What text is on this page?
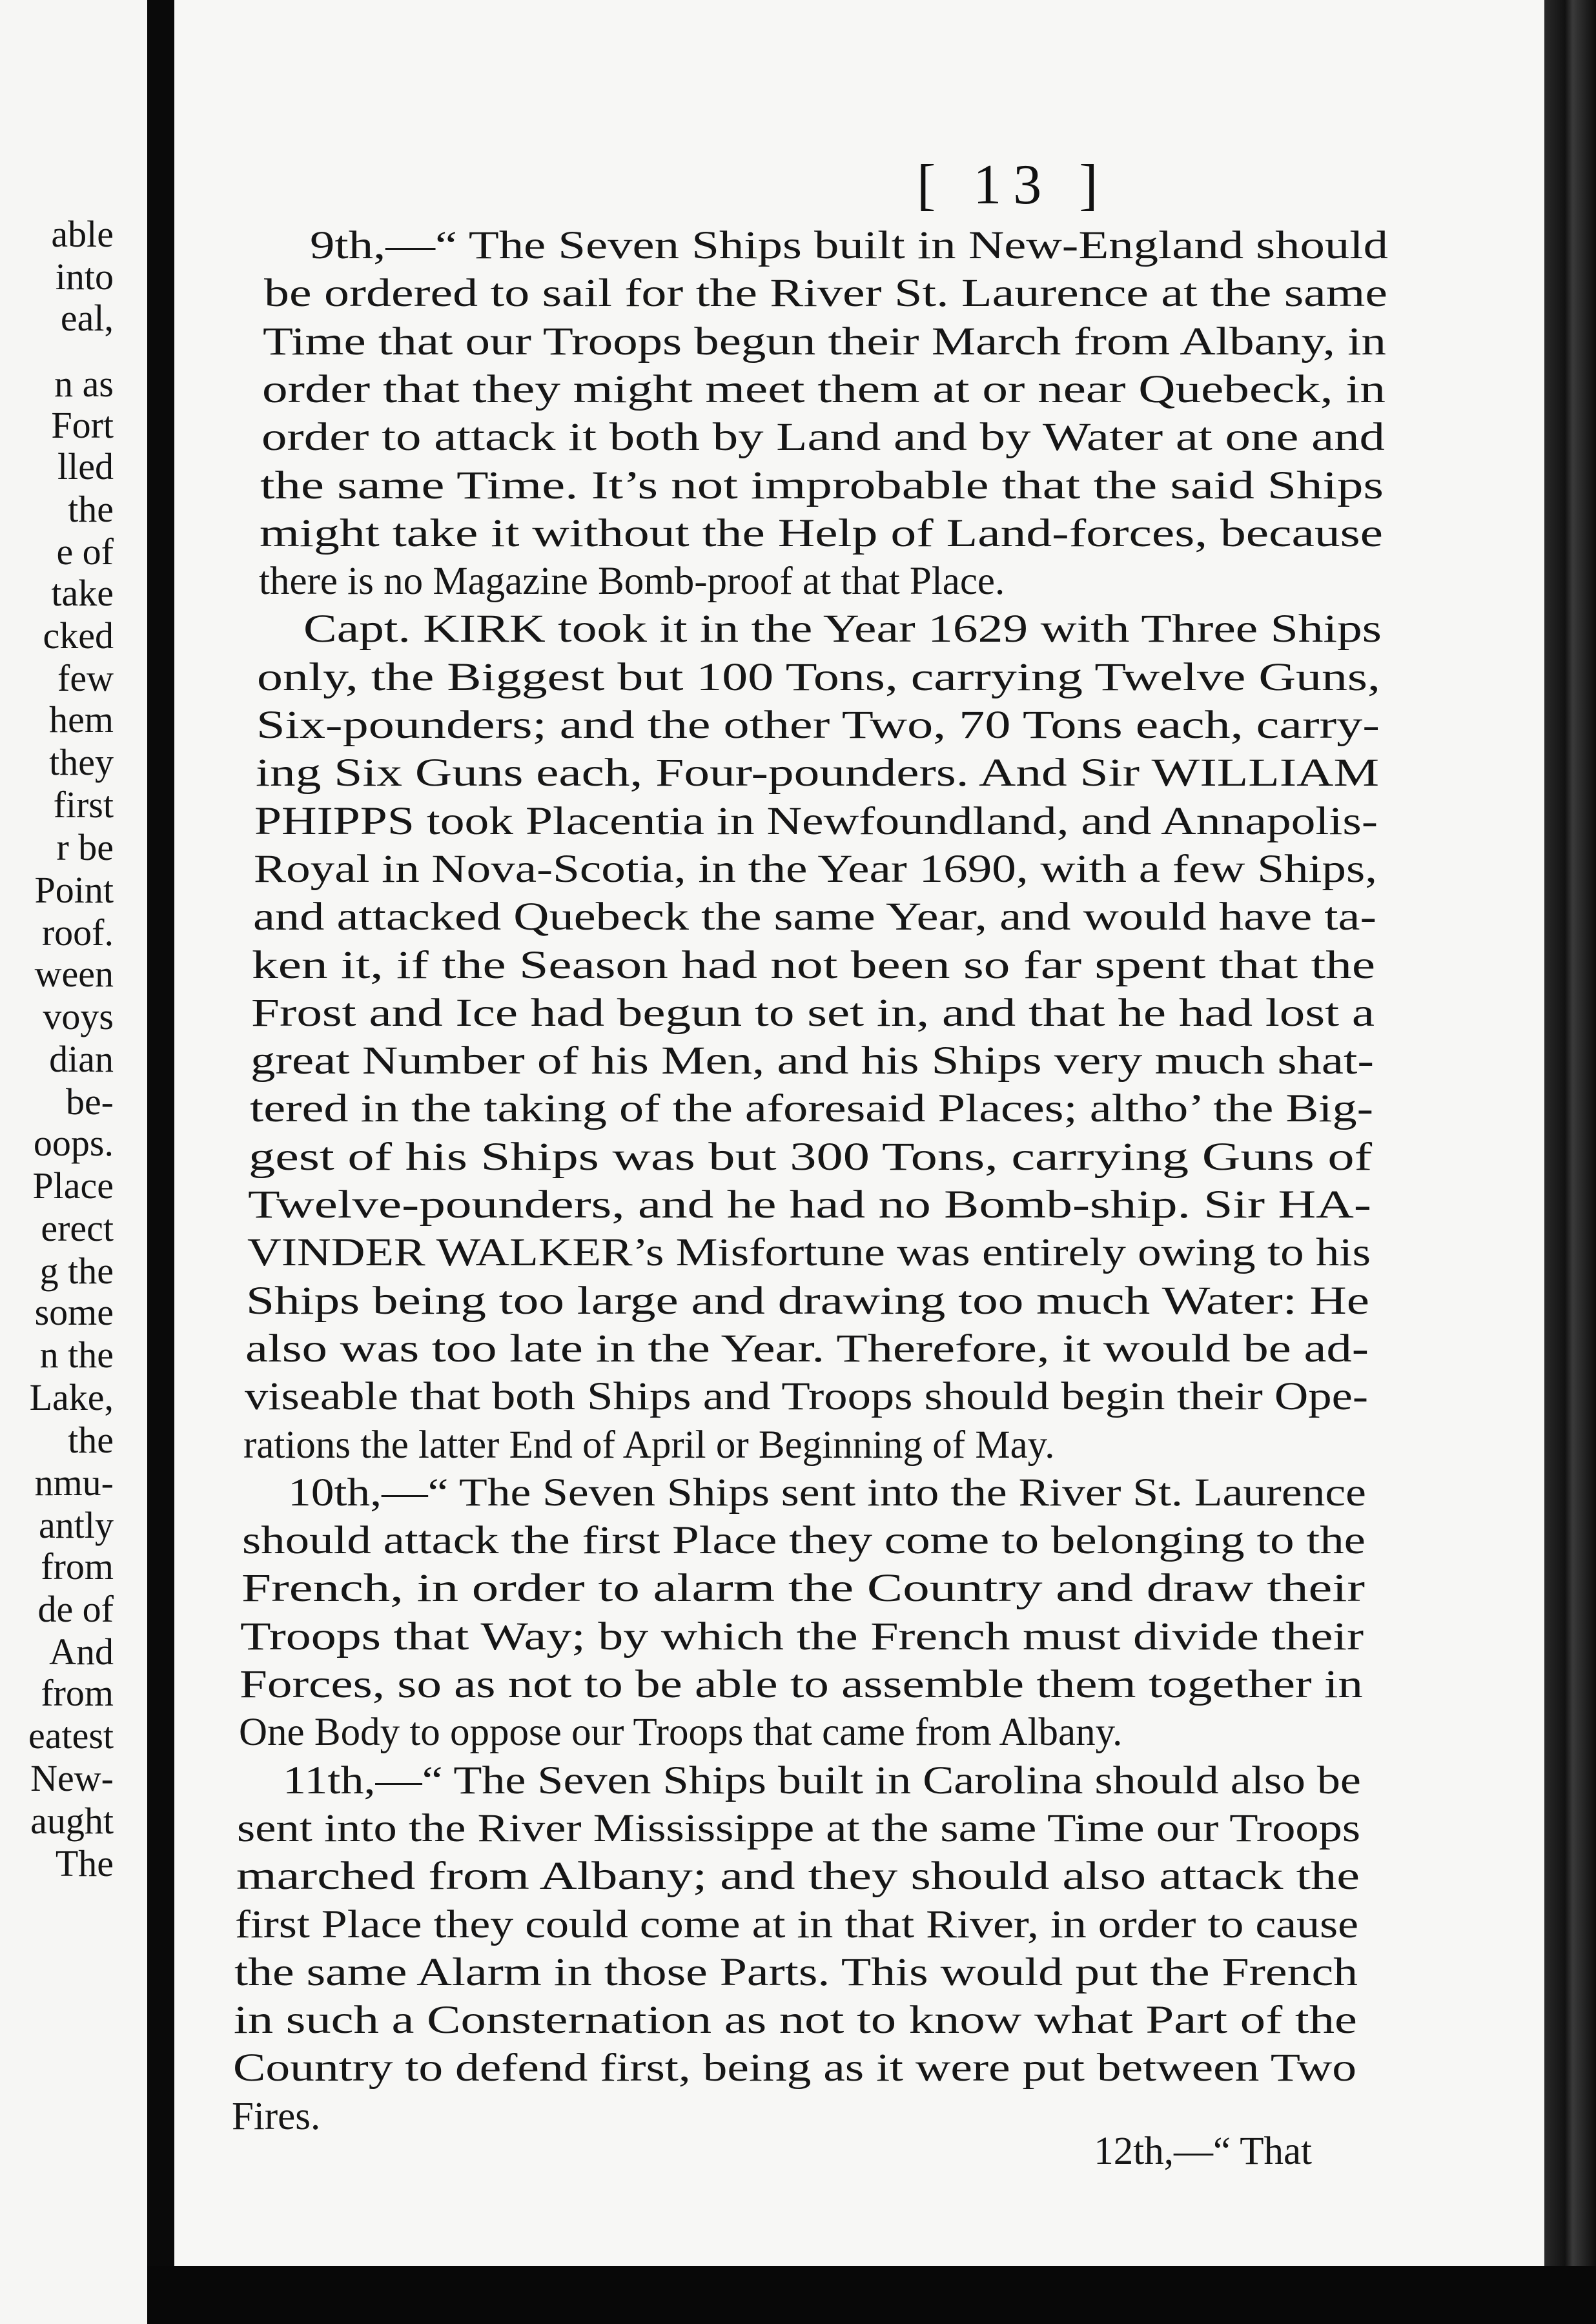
able
into
eal,
n as
Fort
lled
the
e of
take
cked
few
hem
they
first
r be
Point
roof.
ween
voys
dian
be-
oops.
Place
erect
g the
some
n the
Lake,
the
nmu-
antly
from
de of
And
from
eatest
New-
aught
The
[ 13 ]
12th,—“ That
9th,—“ The Seven Ships built in New-England should
be ordered to sail for the River St. Laurence at the same
Time that our Troops begun their March from Albany, in
order that they might meet them at or near Quebeck, in
order to attack it both by Land and by Water at one and
the same Time. It’s not improbable that the said Ships
might take it without the Help of Land-forces, because
there is no Magazine Bomb-proof at that Place.
Capt. KIRK took it in the Year 1629 with Three Ships
only, the Biggest but 100 Tons, carrying Twelve Guns,
Six-pounders; and the other Two, 70 Tons each, carry-
ing Six Guns each, Four-pounders. And Sir WILLIAM
PHIPPS took Placentia in Newfoundland, and Annapolis-
Royal in Nova-Scotia, in the Year 1690, with a few Ships,
and attacked Quebeck the same Year, and would have ta-
ken it, if the Season had not been so far spent that the
Frost and Ice had begun to set in, and that he had lost a
great Number of his Men, and his Ships very much shat-
tered in the taking of the aforesaid Places; altho’ the Big-
gest of his Ships was but 300 Tons, carrying Guns of
Twelve-pounders, and he had no Bomb-ship. Sir HA-
VINDER WALKER’s Misfortune was entirely owing to his
Ships being too large and drawing too much Water: He
also was too late in the Year. Therefore, it would be ad-
viseable that both Ships and Troops should begin their Ope-
rations the latter End of April or Beginning of May.
10th,—“ The Seven Ships sent into the River St. Laurence
should attack the first Place they come to belonging to the
French, in order to alarm the Country and draw their
Troops that Way; by which the French must divide their
Forces, so as not to be able to assemble them together in
One Body to oppose our Troops that came from Albany.
11th,—“ The Seven Ships built in Carolina should also be
sent into the River Mississippe at the same Time our Troops
marched from Albany; and they should also attack the
first Place they could come at in that River, in order to cause
the same Alarm in those Parts. This would put the French
in such a Consternation as not to know what Part of the
Country to defend first, being as it were put between Two
Fires.
